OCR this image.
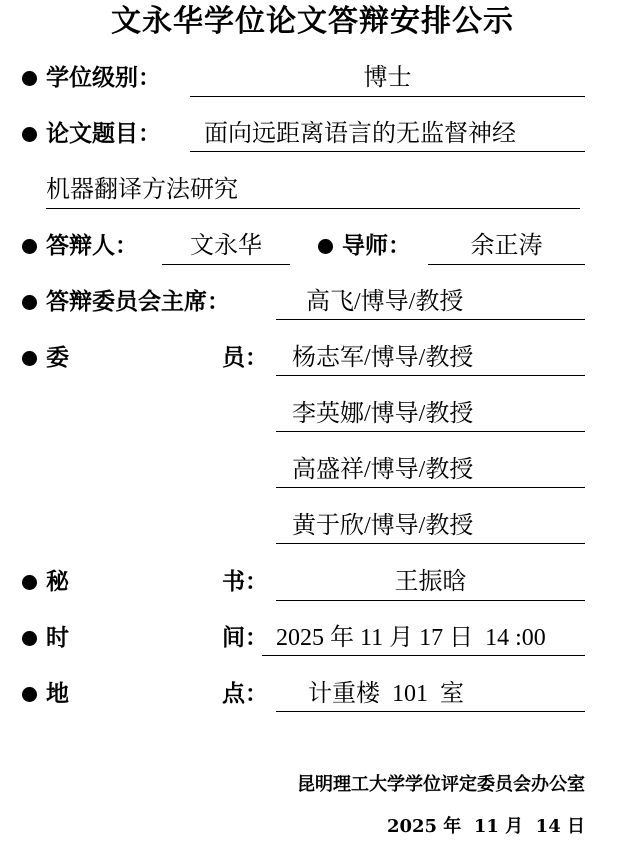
文永华学位论文答辩安排公示
学位级别：	博士
论文题目：	面向远距离语言的无监督神经
机器翻译方法研究
答辩人：	文永华	导师：	余正涛
答辩委员会主席：	高飞/博导/教授
委	员：	杨志军/博导/教授
李英娜/博导/教授
高盛祥/博导/教授
黄于欣/博导/教授
秘	书：	王振晗
时	间： 2025 年 11 月 17 日  14 :00
地	点：	计重楼  101  室
昆明理工大学学位评定委员会办公室
2025 年  11 月  14 日
